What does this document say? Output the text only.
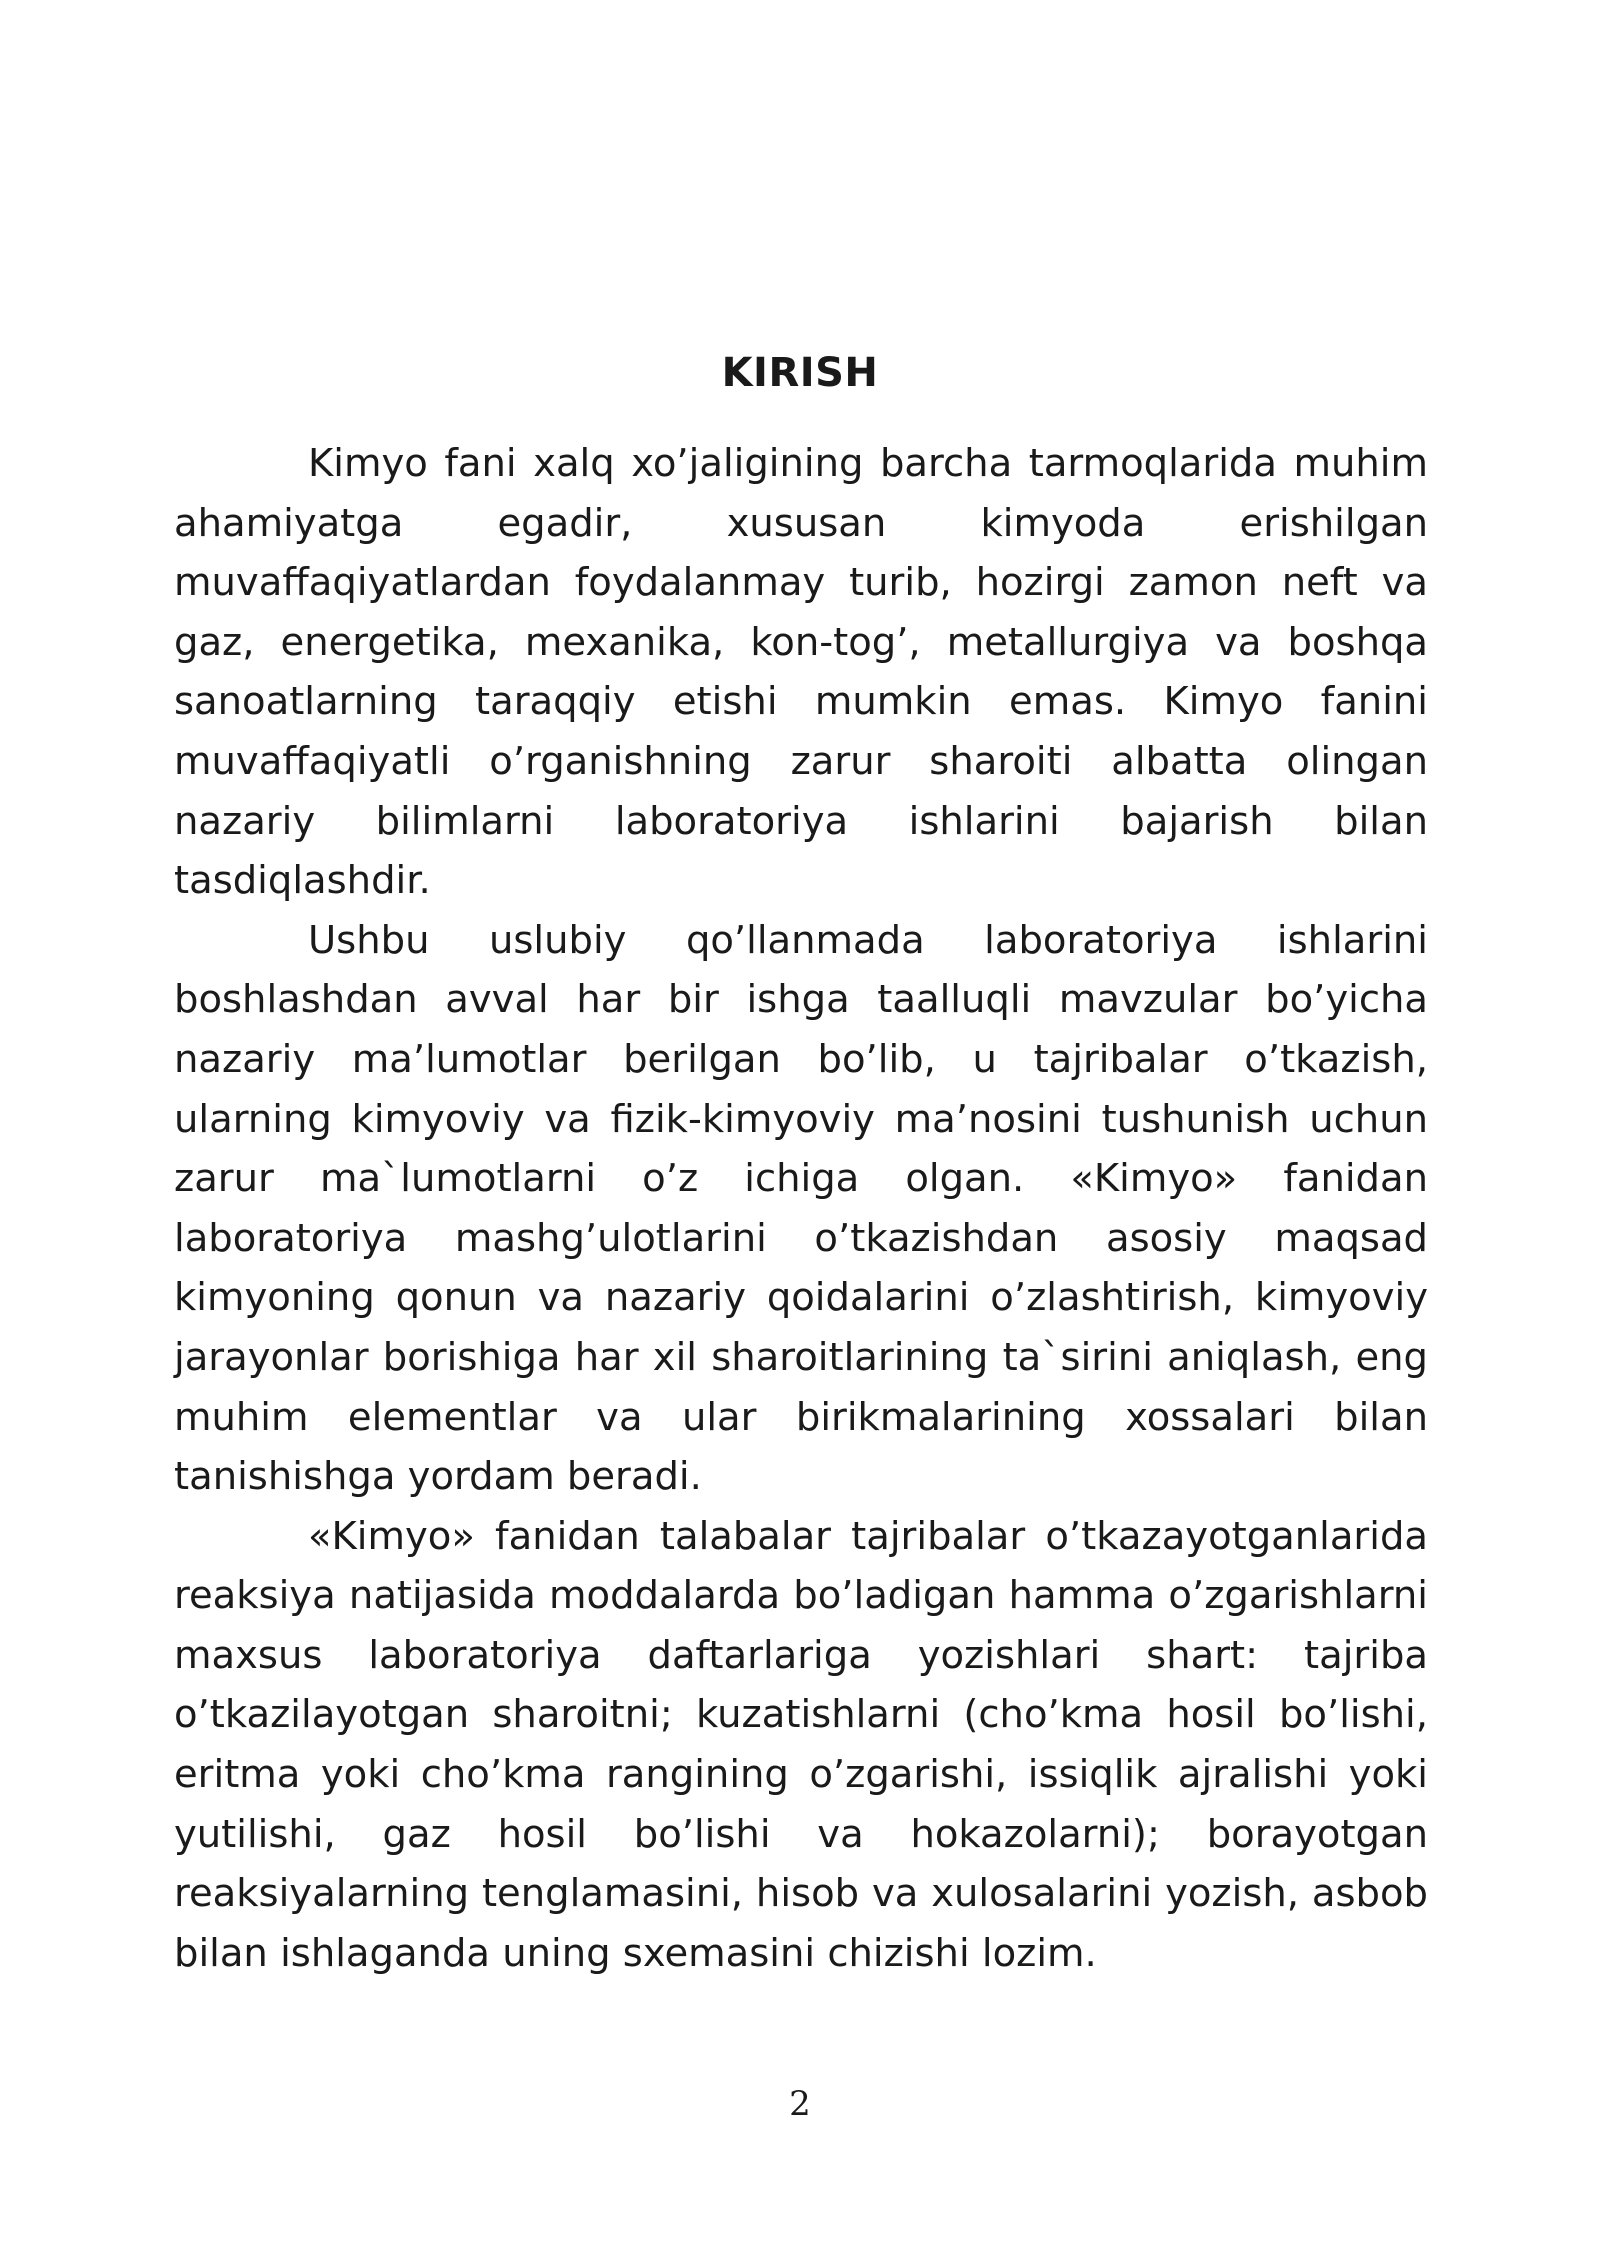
KIRISH

Kimyo fani xalq xo’jaligining barcha tarmoqlarida muhim ahamiyatga egadir, xususan kimyoda erishilgan muvaffaqiyatlardan foydalanmay turib, hozirgi zamon neft va gaz, energetika, mexanika, kon-tog’, metallurgiya va boshqa sanoatlarning taraqqiy etishi mumkin emas. Kimyo fanini muvaffaqiyatli o’rganishning zarur sharoiti albatta olingan nazariy bilimlarni laboratoriya ishlarini bajarish bilan tasdiqlashdir.

Ushbu uslubiy qo’llanmada laboratoriya ishlarini boshlashdan avval har bir ishga taalluqli mavzular bo’yicha nazariy ma’lumotlar berilgan bo’lib, u tajribalar o’tkazish, ularning kimyoviy va fizik-kimyoviy ma’nosini tushunish uchun zarur ma`lumotlarni o’z ichiga olgan. «Kimyo» fanidan laboratoriya mashg’ulotlarini o’tkazishdan asosiy maqsad kimyoning qonun va nazariy qoidalarini o’zlashtirish, kimyoviy jarayonlar borishiga har xil sharoitlarining ta`sirini aniqlash, eng muhim elementlar va ular birikmalarining xossalari bilan tanishishga yordam beradi.

«Kimyo» fanidan talabalar tajribalar o’tkazayotganlarida reaksiya natijasida moddalarda bo’ladigan hamma o’zgarishlarni maxsus laboratoriya daftarlariga yozishlari shart: tajriba o’tkazilayotgan sharoitni; kuzatishlarni (cho’kma hosil bo’lishi, eritma yoki cho’kma rangining o’zgarishi, issiqlik ajralishi yoki yutilishi, gaz hosil bo’lishi va hokazolarni); borayotgan reaksiyalarning tenglamasini, hisob va xulosalarini yozish, asbob bilan ishlaganda uning sxemasini chizishi lozim.

2
